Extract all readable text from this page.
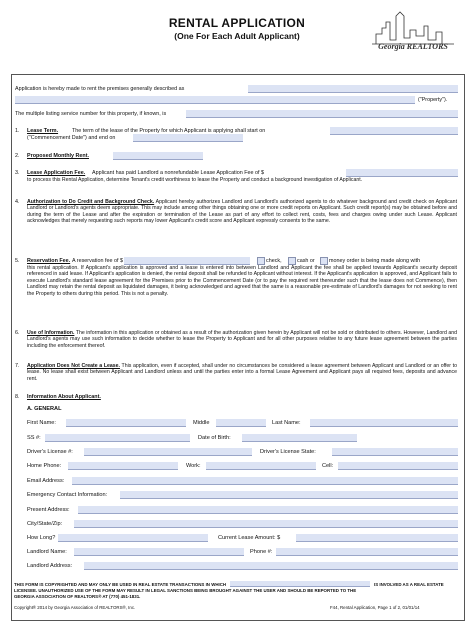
RENTAL APPLICATION
(One For Each Adult Applicant)
Georgia REALTORS
Application is hereby made to rent the premises generally described as
("Property").
The multiple listing service number for this property, if known, is
1. Lease Term.	The term of the lease of the Property for which Applicant is applying shall start on
("Commencement Date") and end on
2. Proposed Monthly Rent.
3. Lease Application Fee. Applicant has paid Landlord a nonrefundable Lease Application Fee of $
to process this Rental Application, determine Tenant's credit worthiness to lease the Property and conduct a background investigation of Applicant.
4. Authorization to Do Credit and Background Check. Applicant hereby authorizes Landlord and Landlord's authorized agents to do whatever background and credit check on Applicant Landlord or Landlord's agents deem appropriate. This may include among other things obtaining one or more credit reports on Applicant. Such credit report(s) may be obtained before and during the term of the Lease and after the expiration or termination of the Lease as part of any effort to collect rent, costs, fees and charges owing under such Lease. Applicant acknowledges that merely requesting such reports may lower Applicant's credit score and Applicant expressly consents to the same.
5. Reservation Fee. A reservation fee of $	check,	cash or	money order is being made along with
this rental application. If Applicant's application is approved and a lease is entered into between Landlord and Applicant the fee shall be applied towards Applicant's security deposit referenced in said lease. If Applicant's application is denied, the rental deposit shall be refunded to Applicant without interest. If the Applicant's application is approved, and Applicant fails to execute Landlord's standard lease agreement for the Premises prior to the Commencement Date (or to pay the required rent thereunder such that the lease does not Commence), then Landlord may retain the rental deposit as liquidated damages, it being acknowledged and agreed that the same is a reasonable pre-estimate of Landlord's damages for not seeking to rent the Property to others during this period. This is not a penalty.
6. Use of Information. The information in this application or obtained as a result of the authorization given herein by Applicant will not be sold or distributed to others. However, Landlord and Landlord's agents may use such information to decide whether to lease the Property to Applicant and for all other purposes relative to any future lease agreement between the parties including the enforcement thereof.
7. Application Does Not Create a Lease. This application, even if accepted, shall under no circumstances be considered a lease agreement between Applicant and Landlord or an offer to lease. No lease shall exist between Applicant and Landlord unless and until the parties enter into a formal Lease Agreement and Applicant pays all required fees, deposits and advance rent.
8. Information About Applicant.
A. GENERAL
First Name:	Middle	Last Name:
SS #:	Date of Birth:
Driver's License #:	Driver's License State:
Home Phone:	Work:	Cell:
Email Address:
Emergency Contact Information:
Present Address:
City/State/Zip:
How Long?	Current Lease Amount: $
Landlord Name:	Phone #:
Landlord Address:
THIS FORM IS COPYRIGHTED AND MAY ONLY BE USED IN REAL ESTATE TRANSACTIONS IN WHICH	IS INVOLVED AS A REAL ESTATE
LICENSEE. UNAUTHORIZED USE OF THE FORM MAY RESULT IN LEGAL SANCTIONS BEING BROUGHT AGAINST THE USER AND SHOULD BE REPORTED TO THE
GEORGIA ASSOCIATION OF REALTORS® AT (770) 451-1831.
Copyright® 2014 by Georgia Association of REALTORS®, Inc.	F44, Rental Application, Page 1 of 2, 01/01/14
